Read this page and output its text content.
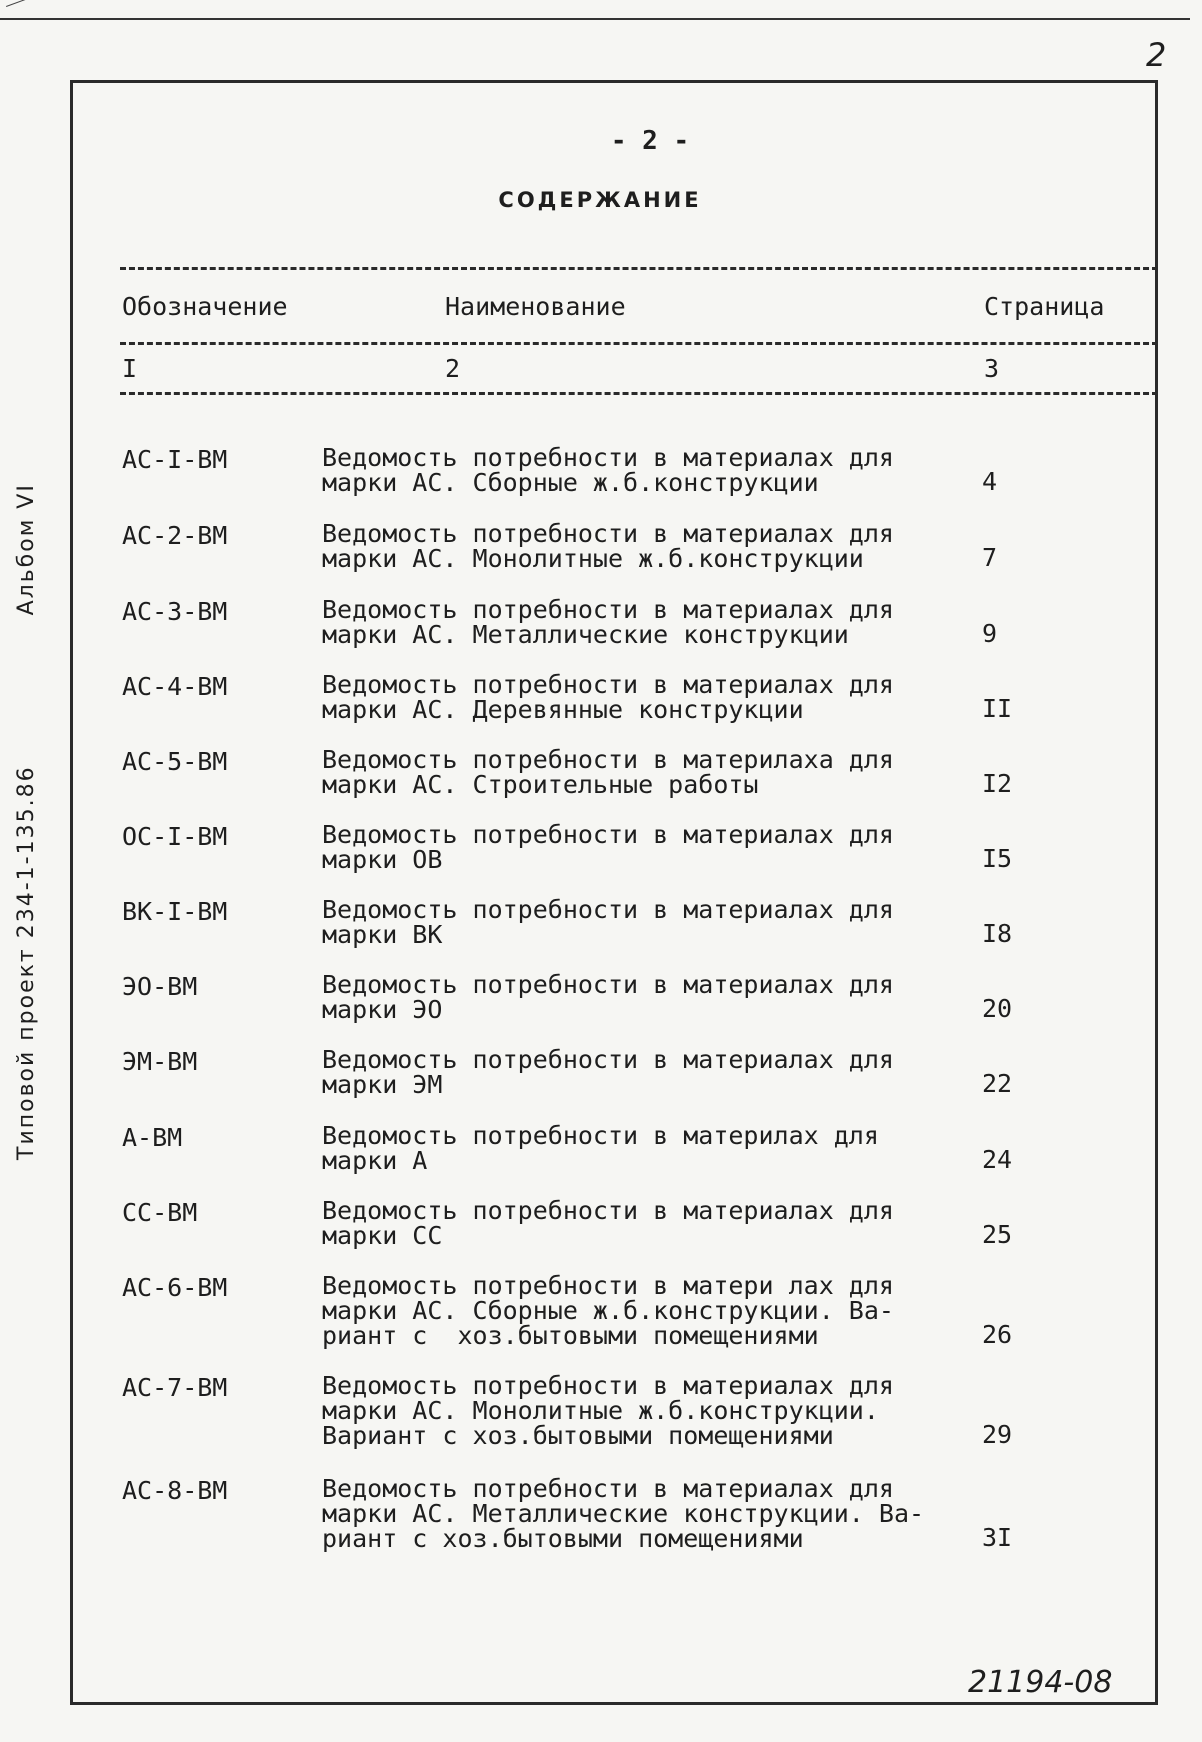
2
Типовой проект 234-1-135.86Альбом VI
- 2 -
СОДЕРЖАНИЕ
Обозначение	Наименование	Страница
I	2	3
АС-I-ВМ	Ведомость потребности в материалах для
марки АС. Сборные ж.б.конструкции	4
АС-2-ВМ	Ведомость потребности в материалах для
марки АС. Монолитные ж.б.конструкции	7
АС-3-ВМ	Ведомость потребности в материалах для
марки АС. Металлические конструкции	9
АС-4-ВМ	Ведомость потребности в материалах для
марки АС. Деревянные конструкции	II
АС-5-ВМ	Ведомость потребности в материлаха для
марки АС. Строительные работы	I2
ОС-I-ВМ	Ведомость потребности в материалах для
марки ОВ	I5
ВК-I-ВМ	Ведомость потребности в материалах для
марки ВК	I8
ЭО-ВМ	Ведомость потребности в материалах для
марки ЭО	20
ЭМ-ВМ	Ведомость потребности в материалах для
марки ЭМ	22
А-ВМ	Ведомость потребности в материлах для
марки А	24
СС-ВМ	Ведомость потребности в материалах для
марки СС	25
АС-6-ВМ	Ведомость потребности в матери лах для
марки АС. Сборные ж.б.конструкции. Ва-
риант с  хоз.бытовыми помещениями	26
АС-7-ВМ	Ведомость потребности в материалах для
марки АС. Монолитные ж.б.конструкции.
Вариант с хоз.бытовыми помещениями	29
АС-8-ВМ	Ведомость потребности в материалах для
марки АС. Металлические конструкции. Ва-
риант с хоз.бытовыми помещениями	3I
21194-08
